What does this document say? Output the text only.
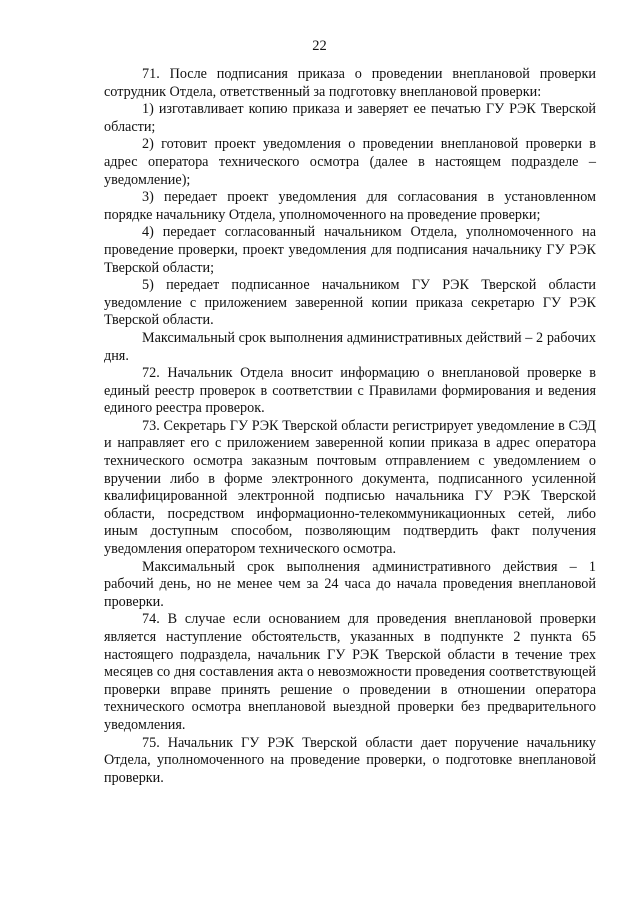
22

71. После подписания приказа о проведении внеплановой проверки сотрудник Отдела, ответственный за подготовку внеплановой проверки:

1) изготавливает копию приказа и заверяет ее печатью ГУ РЭК Тверской области;

2) готовит проект уведомления о проведении внеплановой проверки в адрес оператора технического осмотра (далее в настоящем подразделе – уведомление);

3) передает проект уведомления для согласования в установленном порядке начальнику Отдела, уполномоченного на проведение проверки;

4) передает согласованный начальником Отдела, уполномоченного на проведение проверки, проект уведомления для подписания начальнику ГУ РЭК Тверской области;

5) передает подписанное начальником ГУ РЭК Тверской области уведомление с приложением заверенной копии приказа секретарю ГУ РЭК Тверской области.

Максимальный срок выполнения административных действий – 2 рабочих дня.

72. Начальник Отдела вносит информацию о внеплановой проверке в единый реестр проверок в соответствии с Правилами формирования и ведения единого реестра проверок.

73. Секретарь ГУ РЭК Тверской области регистрирует уведомление в СЭД и направляет его с приложением заверенной копии приказа в адрес оператора технического осмотра заказным почтовым отправлением с уведомлением о вручении либо в форме электронного документа, подписанного усиленной квалифицированной электронной подписью начальника ГУ РЭК Тверской области, посредством информационно-телекоммуникационных сетей, либо иным доступным способом, позволяющим подтвердить факт получения уведомления оператором технического осмотра.

Максимальный срок выполнения административного действия – 1 рабочий день, но не менее чем за 24 часа до начала проведения внеплановой проверки.

74. В случае если основанием для проведения внеплановой проверки является наступление обстоятельств, указанных в подпункте 2 пункта 65 настоящего подраздела, начальник ГУ РЭК Тверской области в течение трех месяцев со дня составления акта о невозможности проведения соответствующей проверки вправе принять решение о проведении в отношении оператора технического осмотра внеплановой выездной проверки без предварительного уведомления.

75. Начальник ГУ РЭК Тверской области дает поручение начальнику Отдела, уполномоченного на проведение проверки, о подготовке внеплановой проверки.
